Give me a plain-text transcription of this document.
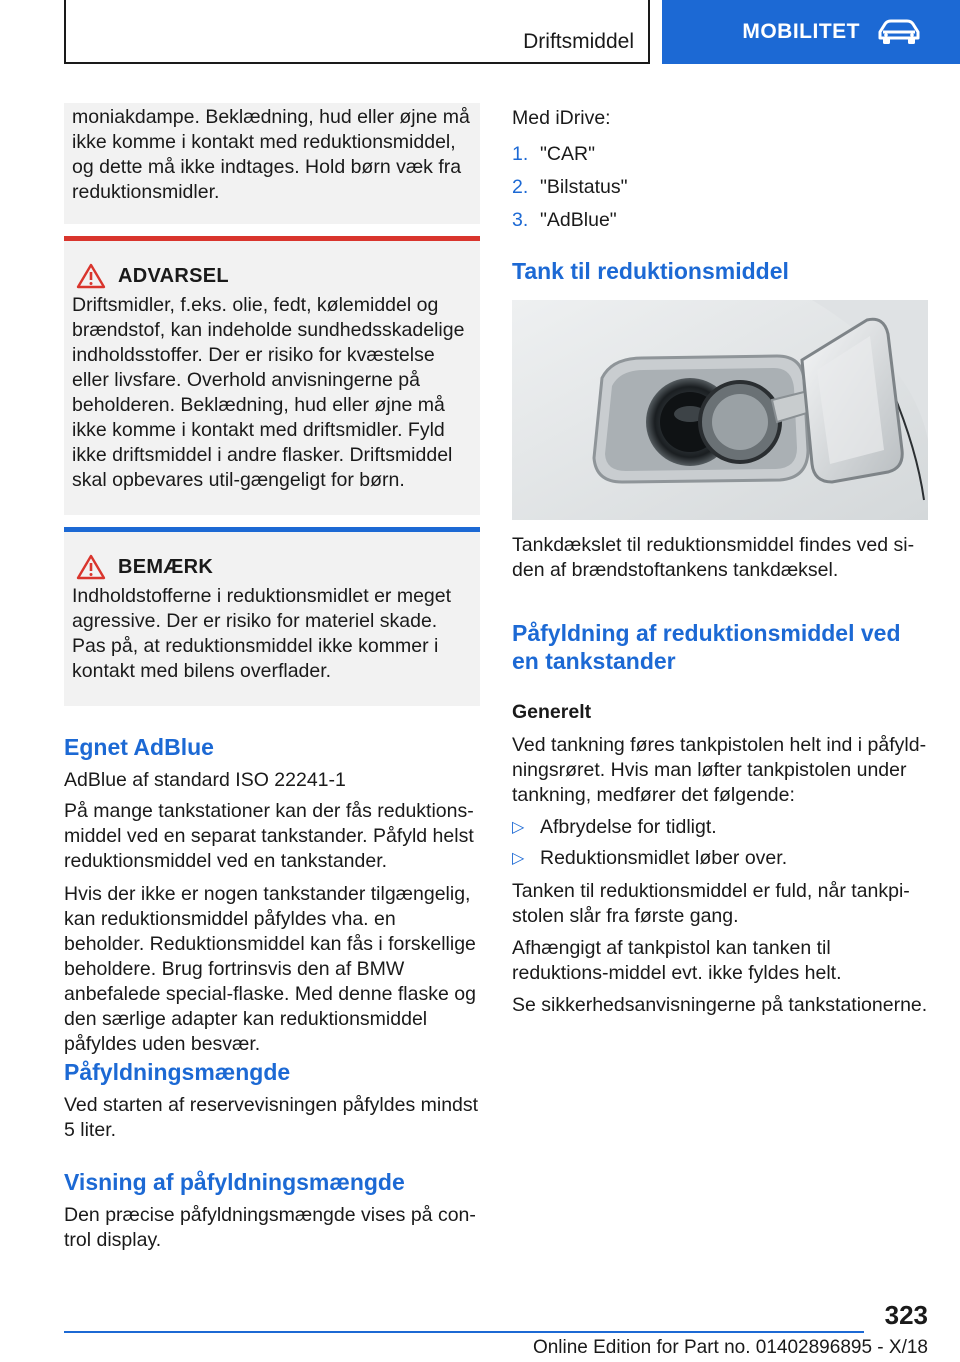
Driftsmiddel	MOBILITET

moniakdampe. Beklædning, hud eller øjne må ikke komme i kontakt med reduktionsmiddel, og dette må ikke indtages. Hold børn væk fra reduktionsmidler.

ADVARSEL

Driftsmidler, f.eks. olie, fedt, kølemiddel og brændstof, kan indeholde sundhedsskadelige indholdsstoffer. Der er risiko for kvæstelse eller livsfare. Overhold anvisningerne på beholderen. Beklædning, hud eller øjne må ikke komme i kontakt med driftsmidler. Fyld ikke driftsmiddel i andre flasker. Driftsmiddel skal opbevares util-gængeligt for børn.

BEMÆRK

Indholdstofferne i reduktionsmidlet er meget agressive. Der er risiko for materiel skade. Pas på, at reduktionsmiddel ikke kommer i kontakt med bilens overflader.

Egnet AdBlue

AdBlue af standard ISO 22241-1

På mange tankstationer kan der fås reduktions-middel ved en separat tankstander. Påfyld helst reduktionsmiddel ved en tankstander.

Hvis der ikke er nogen tankstander tilgængelig, kan reduktionsmiddel påfyldes vha. en beholder. Reduktionsmiddel kan fås i forskellige beholdere. Brug fortrinsvis den af BMW anbefalede special-flaske. Med denne flaske og den særlige adapter kan reduktionsmiddel påfyldes uden besvær.

Påfyldningsmængde

Ved starten af reservevisningen påfyldes mindst 5 liter.

Visning af påfyldningsmængde

Den præcise påfyldningsmængde vises på con-trol display.

Med iDrive:

1. "CAR"
2. "Bilstatus"
3. "AdBlue"
Tank til reduktionsmiddel

Tankdækslet til reduktionsmiddel findes ved si-den af brændstoftankens tankdæksel.

Påfyldning af reduktionsmiddel ved en tankstander
Generelt

Ved tankning føres tankpistolen helt ind i påfyld-ningsrøret. Hvis man løfter tankpistolen under tankning, medfører det følgende:

▷ Afbrydelse for tidligt.
▷ Reduktionsmidlet løber over.

Tanken til reduktionsmiddel er fuld, når tankpi-stolen slår fra første gang.

Afhængigt af tankpistol kan tanken til reduktions-middel evt. ikke fyldes helt.

Se sikkerhedsanvisningerne på tankstationerne.

323
Online Edition for Part no. 01402896895 - X/18
